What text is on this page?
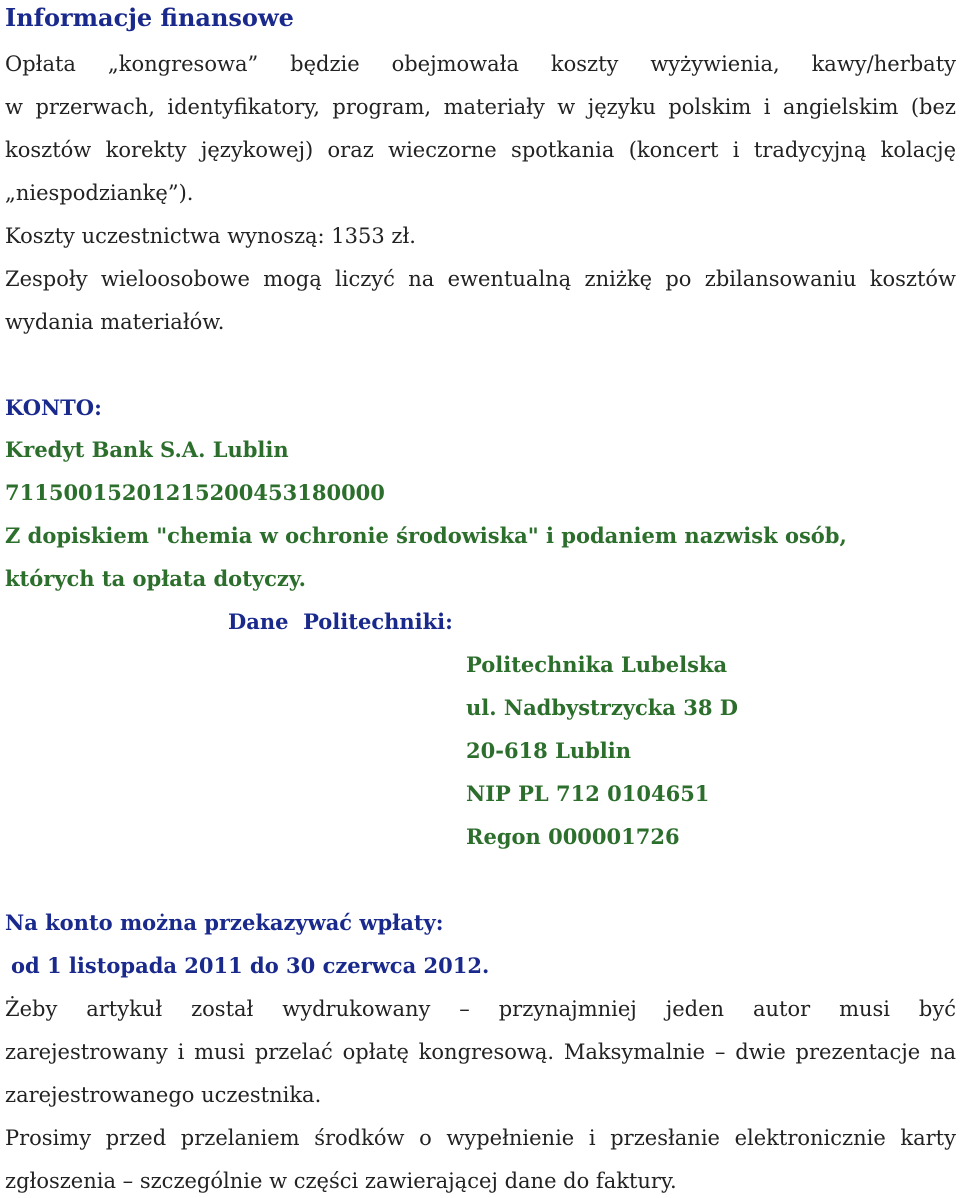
Informacje finansowe

Opłata „kongresowa” będzie obejmowała koszty wyżywienia, kawy/herbaty

w przerwach, identyfikatory, program, materiały w języku polskim i angielskim (bez

kosztów korekty językowej) oraz wieczorne spotkania (koncert i tradycyjną kolację

„niespodziankę”).

Koszty uczestnictwa wynoszą: 1353 zł.

Zespoły wieloosobowe mogą liczyć na ewentualną zniżkę po zbilansowaniu kosztów

wydania materiałów.

KONTO:

Kredyt Bank S.A. Lublin

71150015201215200453180000

Z dopiskiem "chemia w ochronie środowiska" i podaniem nazwisk osób,

których ta opłata dotyczy.

Dane  Politechniki:

Politechnika Lubelska

ul. Nadbystrzycka 38 D

20-618 Lublin

NIP PL 712 0104651

Regon 000001726

Na konto można przekazywać wpłaty:

od 1 listopada 2011 do 30 czerwca 2012.

Żeby artykuł został wydrukowany – przynajmniej jeden autor musi być

zarejestrowany i musi przelać opłatę kongresową. Maksymalnie – dwie prezentacje na

zarejestrowanego uczestnika.

Prosimy przed przelaniem środków o wypełnienie i przesłanie elektronicznie karty

zgłoszenia – szczególnie w części zawierającej dane do faktury.
